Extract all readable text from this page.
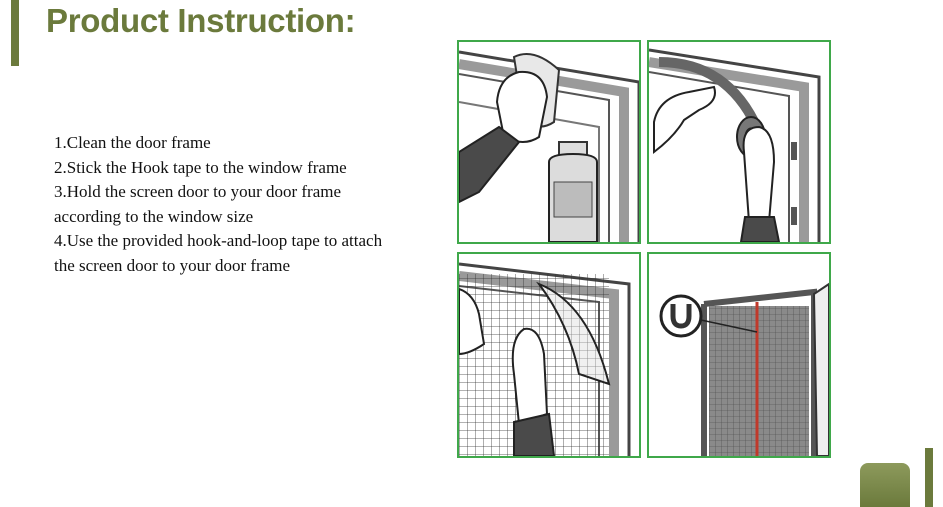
Product Instruction:

1.Clean the door frame

2.Stick the Hook tape to the window frame

3.Hold the screen door to your door frame

according to the window size

4.Use the provided hook-and-loop tape to attach

the screen door to your door frame
